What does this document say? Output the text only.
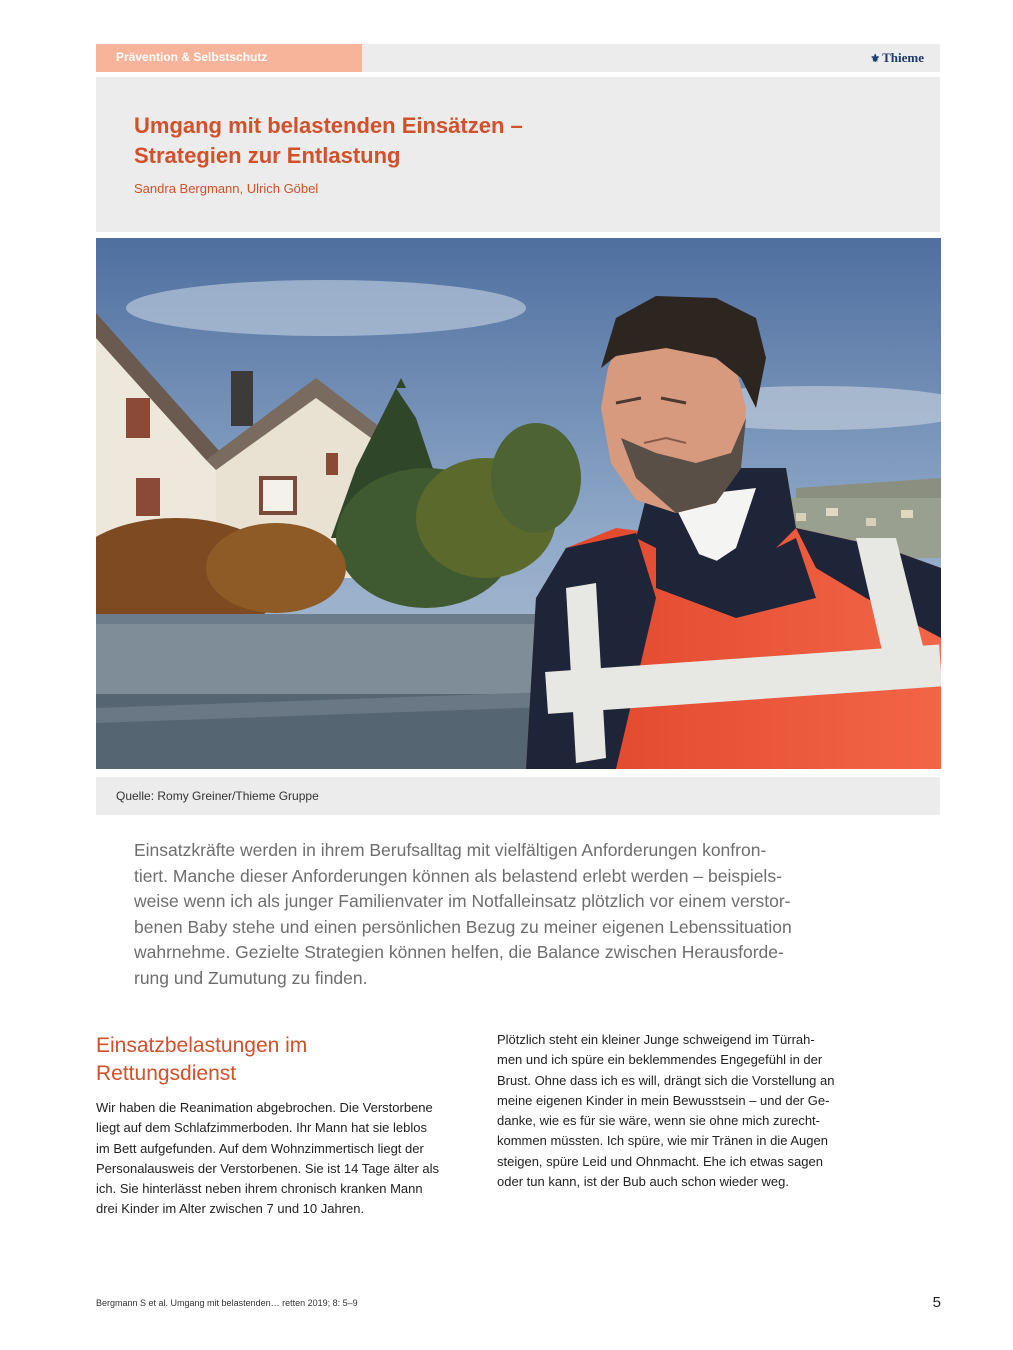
Prävention & Selbstschutz	⚜ Thieme
Umgang mit belastenden Einsätzen –
Strategien zur Entlastung
Sandra Bergmann, Ulrich Göbel
Quelle: Romy Greiner/Thieme Gruppe

Einsatzkräfte werden in ihrem Berufsalltag mit vielfältigen Anforderungen konfron-
tiert. Manche dieser Anforderungen können als belastend erlebt werden – beispiels-
weise wenn ich als junger Familienvater im Notfalleinsatz plötzlich vor einem verstor-
benen Baby stehe und einen persönlichen Bezug zu meiner eigenen Lebenssituation
wahrnehme. Gezielte Strategien können helfen, die Balance zwischen Herausforde-
rung und Zumutung zu finden.

Einsatzbelastungen im
Rettungsdienst

Wir haben die Reanimation abgebrochen. Die Verstorbene
liegt auf dem Schlafzimmerboden. Ihr Mann hat sie leblos
im Bett aufgefunden. Auf dem Wohnzimmertisch liegt der
Personalausweis der Verstorbenen. Sie ist 14 Tage älter als
ich. Sie hinterlässt neben ihrem chronisch kranken Mann
drei Kinder im Alter zwischen 7 und 10 Jahren.

Plötzlich steht ein kleiner Junge schweigend im Türrah-
men und ich spüre ein beklemmendes Engegefühl in der
Brust. Ohne dass ich es will, drängt sich die Vorstellung an
meine eigenen Kinder in mein Bewusstsein – und der Ge-
danke, wie es für sie wäre, wenn sie ohne mich zurecht-
kommen müssten. Ich spüre, wie mir Tränen in die Augen
steigen, spüre Leid und Ohnmacht. Ehe ich etwas sagen
oder tun kann, ist der Bub auch schon wieder weg.

Bergmann S et al. Umgang mit belastenden… retten 2019; 8: 5–9	5
